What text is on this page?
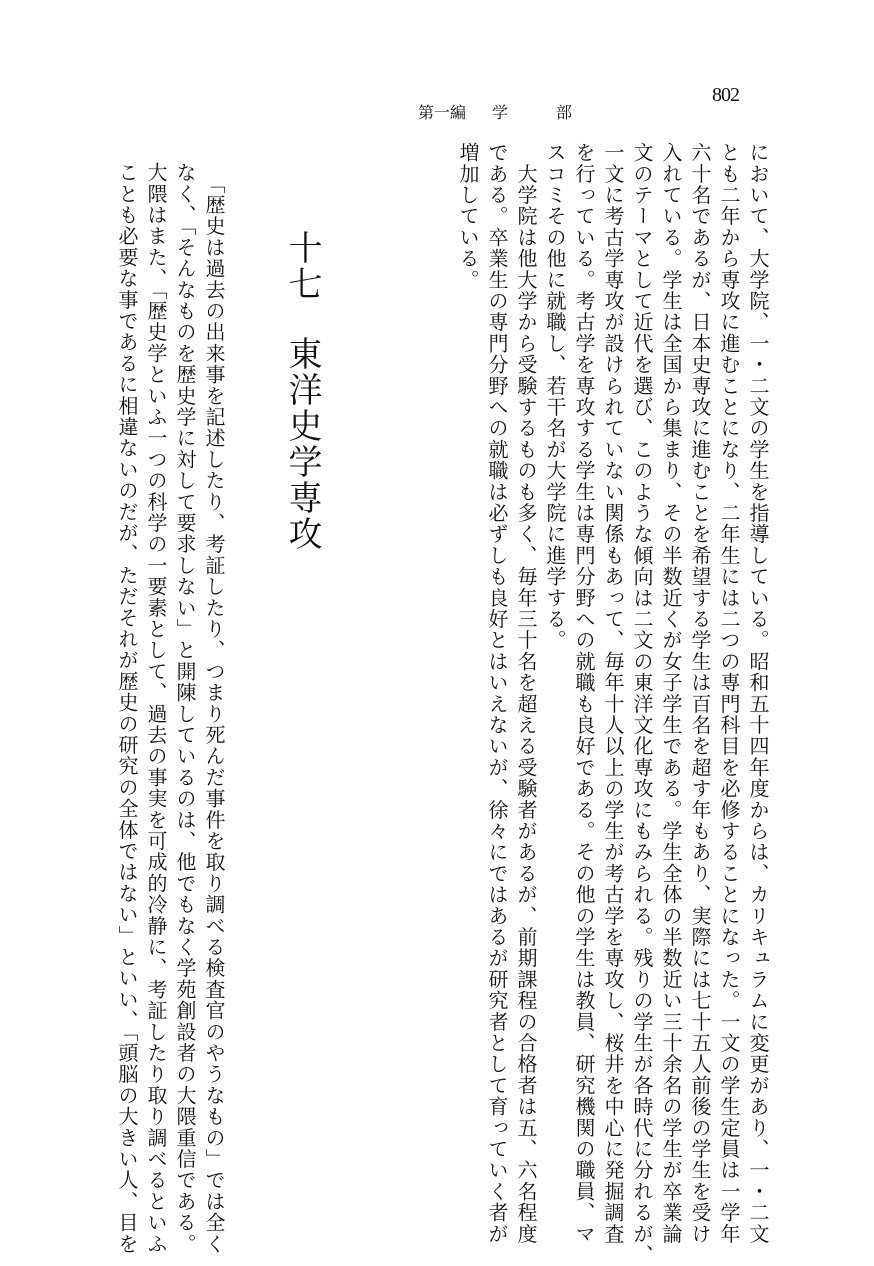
802
第一編 学	部
において、大学院、一・二文の学生を指導している。昭和五十四年度からは、カリキュラムに変更があり、一・二文
とも二年から専攻に進むことになり、二年生には二つの専門科目を必修することになった。一文の学生定員は一学年
六十名であるが、日本史専攻に進むことを希望する学生は百名を超す年もあり、実際には七十五人前後の学生を受け
入れている。学生は全国から集まり、その半数近くが女子学生である。学生全体の半数近い三十余名の学生が卒業論
文のテーマとして近代を選び、このような傾向は二文の東洋文化専攻にもみられる。残りの学生が各時代に分れるが、
一文に考古学専攻が設けられていない関係もあって、毎年十人以上の学生が考古学を専攻し、桜井を中心に発掘調査
を行っている。考古学を専攻する学生は専門分野への就職も良好である。その他の学生は教員、研究機関の職員、マ
スコミその他に就職し、若干名が大学院に進学する。
　大学院は他大学から受験するものも多く、毎年三十名を超える受験者があるが、前期課程の合格者は五、六名程度
である。卒業生の専門分野への就職は必ずしも良好とはいえないが、徐々にではあるが研究者として育っていく者が
増加している。
十七東洋史学専攻
　「歴史は過去の出来事を記述したり、考証したり、つまり死んだ事件を取り調べる検査官のやうなもの」では全く
なく、「そんなものを歴史学に対して要求しない」と開陳しているのは、他でもなく学苑創設者の大隈重信である。
大隈はまた、「歴史学といふ一つの科学の一要素として、過去の事実を可成的冷静に、考証したり取り調べるといふ
ことも必要な事であるに相違ないのだが、ただそれが歴史の研究の全体ではない」といい、「頭脳の大きい人、目を
